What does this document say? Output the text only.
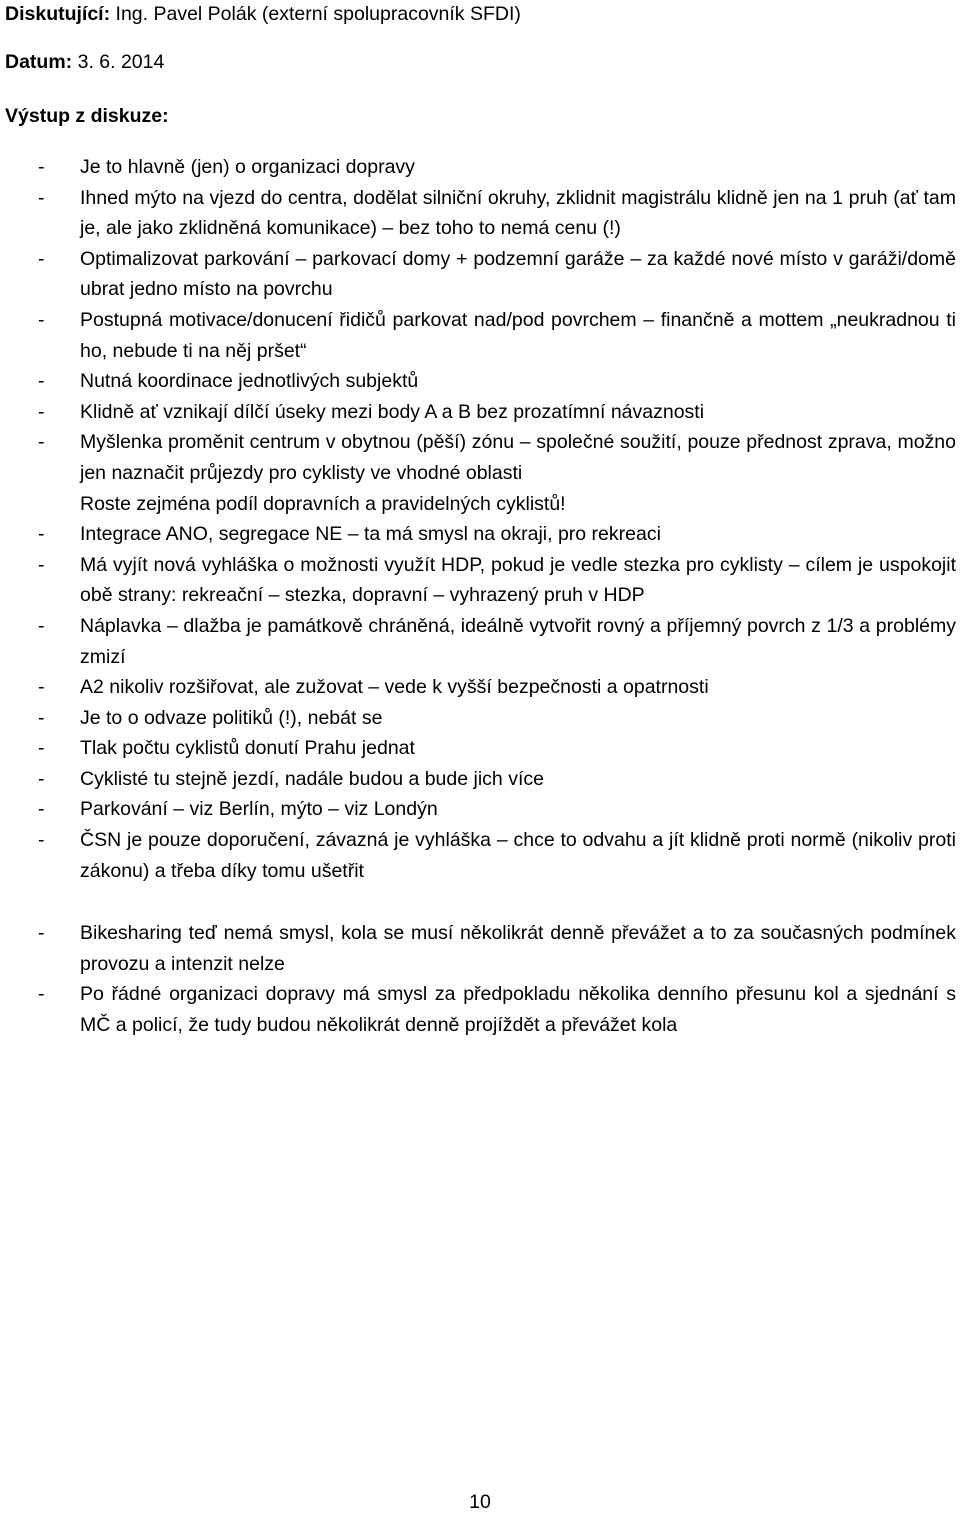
Diskutující: Ing. Pavel Polák (externí spolupracovník SFDI)
Datum: 3. 6. 2014
Výstup z diskuze:
- Je to hlavně (jen) o organizaci dopravy
- Ihned mýto na vjezd do centra, dodělat silniční okruhy, zklidnit magistrálu klidně jen na 1 pruh (ať tam je, ale jako zklidněná komunikace) – bez toho to nemá cenu (!)
- Optimalizovat parkování – parkovací domy + podzemní garáže – za každé nové místo v garáži/domě ubrat jedno místo na povrchu
- Postupná motivace/donucení řidičů parkovat nad/pod povrchem – finančně a mottem „neukradnou ti ho, nebude ti na něj pršet“
- Nutná koordinace jednotlivých subjektů
- Klidně ať vznikají dílčí úseky mezi body A a B bez prozatímní návaznosti
- Myšlenka proměnit centrum v obytnou (pěší) zónu – společné soužití, pouze přednost zprava, možno jen naznačit průjezdy pro cyklisty ve vhodné oblasti
Roste zejména podíl dopravních a pravidelných cyklistů!
- Integrace ANO, segregace NE – ta má smysl na okraji, pro rekreaci
- Má vyjít nová vyhláška o možnosti využít HDP, pokud je vedle stezka pro cyklisty – cílem je uspokojit obě strany: rekreační – stezka, dopravní – vyhrazený pruh v HDP
- Náplavka – dlažba je památkově chráněná, ideálně vytvořit rovný a příjemný povrch z 1/3 a problémy zmizí
- A2 nikoliv rozšiřovat, ale zužovat – vede k vyšší bezpečnosti a opatrnosti
- Je to o odvaze politiků (!), nebát se
- Tlak počtu cyklistů donutí Prahu jednat
- Cyklisté tu stejně jezdí, nadále budou a bude jich více
- Parkování – viz Berlín, mýto – viz Londýn
- ČSN je pouze doporučení, závazná je vyhláška – chce to odvahu a jít klidně proti normě (nikoliv proti zákonu) a třeba díky tomu ušetřit
- Bikesharing teď nemá smysl, kola se musí několikrát denně převážet a to za současných podmínek provozu a intenzit nelze
- Po řádné organizaci dopravy má smysl za předpokladu několika denního přesunu kol a sjednání s MČ a policí, že tudy budou několikrát denně projíždět a převážet kola
10
